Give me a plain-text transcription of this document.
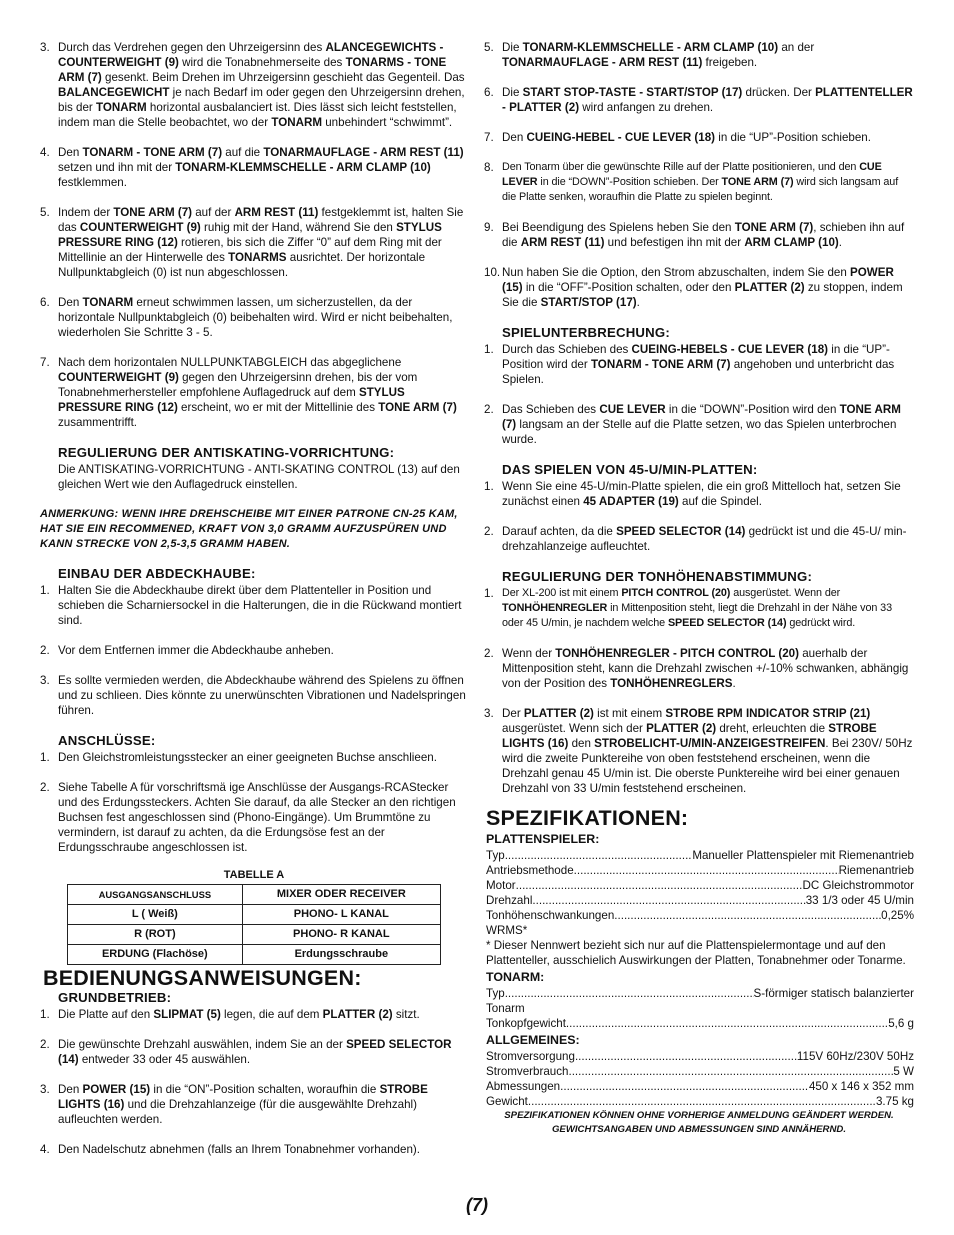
3. Durch das Verdrehen gegen den Uhrzeigersinn des ALANCEGEWICHTS - COUNTERWEIGHT (9) wird die Tonabnehmerseite des TONARMS - TONE ARM (7) gesenkt. Beim Drehen im Uhrzeigersinn geschieht das Gegenteil. Das BALANCEGEWICHT je nach Bedarf im oder gegen den Uhrzeigersinn drehen, bis der TONARM horizontal ausbalanciert ist. Dies lässt sich leicht feststellen, indem man die Stelle beobachtet, wo der TONARM unbehindert “schwimmt”.
4. Den TONARM - TONE ARM (7) auf die TONARMAUFLAGE - ARM REST (11) setzen und ihn mit der TONARM-KLEMMSCHELLE - ARM CLAMP (10) festklemmen.
5. Indem der TONE ARM (7) auf der ARM REST (11) festgeklemmt ist, halten Sie das COUNTERWEIGHT (9) ruhig mit der Hand, während Sie den STYLUS PRESSURE RING (12) rotieren, bis sich die Ziffer “0” auf dem Ring mit der Mittellinie an der Hinterwelle des TONARMS ausrichtet. Der horizontale Nullpunktabgleich (0) ist nun abgeschlossen.
6. Den TONARM erneut schwimmen lassen, um sicherzustellen, da der horizontale Nullpunktabgleich (0) beibehalten wird. Wird er nicht beibehalten, wiederholen Sie Schritte 3 - 5.
7. Nach dem horizontalen NULLPUNKTABGLEICH das abgeglichene COUNTERWEIGHT (9) gegen den Uhrzeigersinn drehen, bis der vom Tonabnehmerhersteller empfohlene Auflagedruck auf dem STYLUS PRESSURE RING (12) erscheint, wo er mit der Mittellinie des TONE ARM (7) zusammentrifft.
REGULIERUNG DER ANTISKATING-VORRICHTUNG:
Die ANTISKATING-VORRICHTUNG - ANTI-SKATING CONTROL (13) auf den gleichen Wert wie den Auflagedruck einstellen.
ANMERKUNG: WENN IHRE DREHSCHEIBE MIT EINER PATRONE CN-25 KAM, HAT SIE EIN RECOMMENED, KRAFT VON 3,0 GRAMM AUFZUSPÜREN UND KANN STRECKE VON 2,5-3,5 GRAMM HABEN.
EINBAU DER ABDECKHAUBE:
1. Halten Sie die Abdeckhaube direkt über dem Plattenteller in Position und schieben die Scharniersockel in die Halterungen, die in die Rückwand montiert sind.
2. Vor dem Entfernen immer die Abdeckhaube anheben.
3. Es sollte vermieden werden, die Abdeckhaube während des Spielens zu öffnen und zu schlieen. Dies könnte zu unerwünschten Vibrationen und Nadelspringen führen.
ANSCHLÜSSE:
1. Den Gleichstromleistungsstecker an einer geeigneten Buchse anschlieen.
2. Siehe Tabelle A für vorschriftsmä ige Anschlüsse der Ausgangs-RCAStecker und des Erdungssteckers. Achten Sie darauf, da alle Stecker an den richtigen Buchsen fest angeschlossen sind (Phono-Eingänge). Um Brummtöne zu vermindern, ist darauf zu achten, da die Erdungsöse fest an der Erdungsschraube angeschlossen ist.
TABELLE A
AUSGANGSANSCHLUSS	MIXER ODER RECEIVER
L ( Weiß)	PHONO- L KANAL
R (ROT)	PHONO- R KANAL
ERDUNG (Flachöse)	Erdungsschraube
BEDIENUNGSANWEISUNGEN:
GRUNDBETRIEB:
1. Die Platte auf den SLIPMAT (5) legen, die auf dem PLATTER (2) sitzt.
2. Die gewünschte Drehzahl auswählen, indem Sie an der SPEED SELECTOR (14) entweder 33 oder 45 auswählen.
3. Den POWER (15) in die “ON”-Position schalten, woraufhin die STROBE LIGHTS (16) und die Drehzahlanzeige (für die ausgewählte Drehzahl) aufleuchten werden.
4. Den Nadelschutz abnehmen (falls an Ihrem Tonabnehmer vorhanden).
5. Die TONARM-KLEMMSCHELLE - ARM CLAMP (10) an der TONARMAUFLAGE - ARM REST (11) freigeben.
6. Die START STOP-TASTE - START/STOP (17) drücken. Der PLATTENTELLER - PLATTER (2) wird anfangen zu drehen.
7. Den CUEING-HEBEL - CUE LEVER (18) in die “UP”-Position schieben.
8. Den Tonarm über die gewünschte Rille auf der Platte positionieren, und den CUE LEVER in die “DOWN”-Position schieben. Der TONE ARM (7) wird sich langsam auf die Platte senken, woraufhin die Platte zu spielen beginnt.
9. Bei Beendigung des Spielens heben Sie den TONE ARM (7), schieben ihn auf die ARM REST (11) und befestigen ihn mit der ARM CLAMP (10).
10. Nun haben Sie die Option, den Strom abzuschalten, indem Sie den POWER (15) in die “OFF”-Position schalten, oder den PLATTER (2) zu stoppen, indem Sie die START/STOP (17).
SPIELUNTERBRECHUNG:
1. Durch das Schieben des CUEING-HEBELS - CUE LEVER (18) in die “UP”-Position wird der TONARM - TONE ARM (7) angehoben und unterbricht das Spielen.
2. Das Schieben des CUE LEVER in die “DOWN”-Position wird den TONE ARM (7) langsam an der Stelle auf die Platte setzen, wo das Spielen unterbrochen wurde.
DAS SPIELEN VON 45-U/MIN-PLATTEN:
1. Wenn Sie eine 45-U/min-Platte spielen, die ein groß Mittelloch hat, setzen Sie zunächst einen 45 ADAPTER (19) auf die Spindel.
2. Darauf achten, da die SPEED SELECTOR (14) gedrückt ist und die 45-U/ min-drehzahlanzeige aufleuchtet.
REGULIERUNG DER TONHÖHENABSTIMMUNG:
1. Der XL-200 ist mit einem PITCH CONTROL (20) ausgerüstet. Wenn der TONHÖHENREGLER in Mittenposition steht, liegt die Drehzahl in der Nähe von 33 oder 45 U/min, je nachdem welche SPEED SELECTOR (14) gedrückt wird.
2. Wenn der TONHÖHENREGLER - PITCH CONTROL (20) auerhalb der Mittenposition steht, kann die Drehzahl zwischen +/-10% schwanken, abhängig von der Position des TONHÖHENREGLERS.
3. Der PLATTER (2) ist mit einem STROBE RPM INDICATOR STRIP (21) ausgerüstet. Wenn sich der PLATTER (2) dreht, erleuchten die STROBE LIGHTS (16) den STROBELICHT-U/MIN-ANZEIGESTREIFEN. Bei 230V/ 50Hz wird die zweite Punktereihe von oben feststehend erscheinen, wenn die Drehzahl genau 45 U/min ist. Die oberste Punktereihe wird bei einer genauen Drehzahl von 33 U/min feststehend erscheinen.
SPEZIFIKATIONEN:
PLATTENSPIELER:
Typ .....	Manueller Plattenspieler mit Riemenantrieb
Antriebsmethode .....	Riemenantrieb
Motor .....	DC Gleichstrommotor
Drehzahl .....	33 1/3 oder 45 U/min
Tonhöhenschwankungen .....	0,25%
WRMS*
* Dieser Nennwert bezieht sich nur auf die Plattenspielermontage und auf den Plattenteller, ausschielich Auswirkungen der Platten, Tonabnehmer oder Tonarme.
TONARM:
Typ .....	S-förmiger statisch balanzierter
Tonarm
Tonkopfgewicht .....	5,6 g
ALLGEMEINES:
Stromversorgung .....	115V 60Hz/230V 50Hz
Stromverbrauch .....	5 W
Abmessungen .....	450 x 146 x 352 mm
Gewicht .....	3.75 kg
SPEZIFIKATIONEN KÖNNEN OHNE VORHERIGE ANMELDUNG GEÄNDERT WERDEN.
GEWICHTSANGABEN UND ABMESSUNGEN SIND ANNÄHERND.
(7)
